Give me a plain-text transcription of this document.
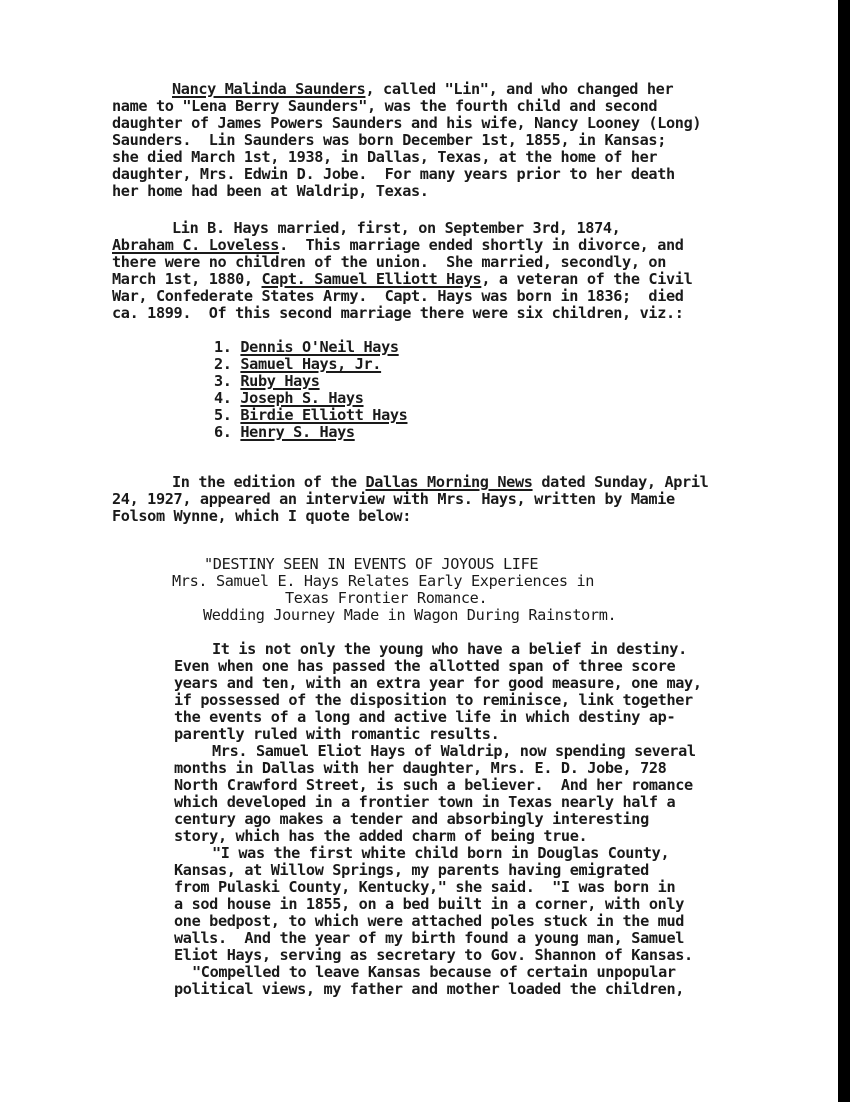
Nancy Malinda Saunders, called "Lin", and who changed her
name to "Lena Berry Saunders", was the fourth child and second
daughter of James Powers Saunders and his wife, Nancy Looney (Long)
Saunders.  Lin Saunders was born December 1st, 1855, in Kansas;
she died March 1st, 1938, in Dallas, Texas, at the home of her
daughter, Mrs. Edwin D. Jobe.  For many years prior to her death
her home had been at Waldrip, Texas.
Lin B. Hays married, first, on September 3rd, 1874,
Abraham C. Loveless.  This marriage ended shortly in divorce, and
there were no children of the union.  She married, secondly, on
March 1st, 1880, Capt. Samuel Elliott Hays, a veteran of the Civil
War, Confederate States Army.  Capt. Hays was born in 1836;  died
ca. 1899.  Of this second marriage there were six children, viz.:
1. Dennis O'Neil Hays
2. Samuel Hays, Jr.
3. Ruby Hays
4. Joseph S. Hays
5. Birdie Elliott Hays
6. Henry S. Hays
In the edition of the Dallas Morning News dated Sunday, April
24, 1927, appeared an interview with Mrs. Hays, written by Mamie
Folsom Wynne, which I quote below:
"DESTINY SEEN IN EVENTS OF JOYOUS LIFE
Mrs. Samuel E. Hays Relates Early Experiences in
Texas Frontier Romance.
Wedding Journey Made in Wagon During Rainstorm.
It is not only the young who have a belief in destiny.
Even when one has passed the allotted span of three score
years and ten, with an extra year for good measure, one may,
if possessed of the disposition to reminisce, link together
the events of a long and active life in which destiny ap-
parently ruled with romantic results.
Mrs. Samuel Eliot Hays of Waldrip, now spending several
months in Dallas with her daughter, Mrs. E. D. Jobe, 728
North Crawford Street, is such a believer.  And her romance
which developed in a frontier town in Texas nearly half a
century ago makes a tender and absorbingly interesting
story, which has the added charm of being true.
"I was the first white child born in Douglas County,
Kansas, at Willow Springs, my parents having emigrated
from Pulaski County, Kentucky," she said.  "I was born in
a sod house in 1855, on a bed built in a corner, with only
one bedpost, to which were attached poles stuck in the mud
walls.  And the year of my birth found a young man, Samuel
Eliot Hays, serving as secretary to Gov. Shannon of Kansas.
"Compelled to leave Kansas because of certain unpopular
political views, my father and mother loaded the children,
